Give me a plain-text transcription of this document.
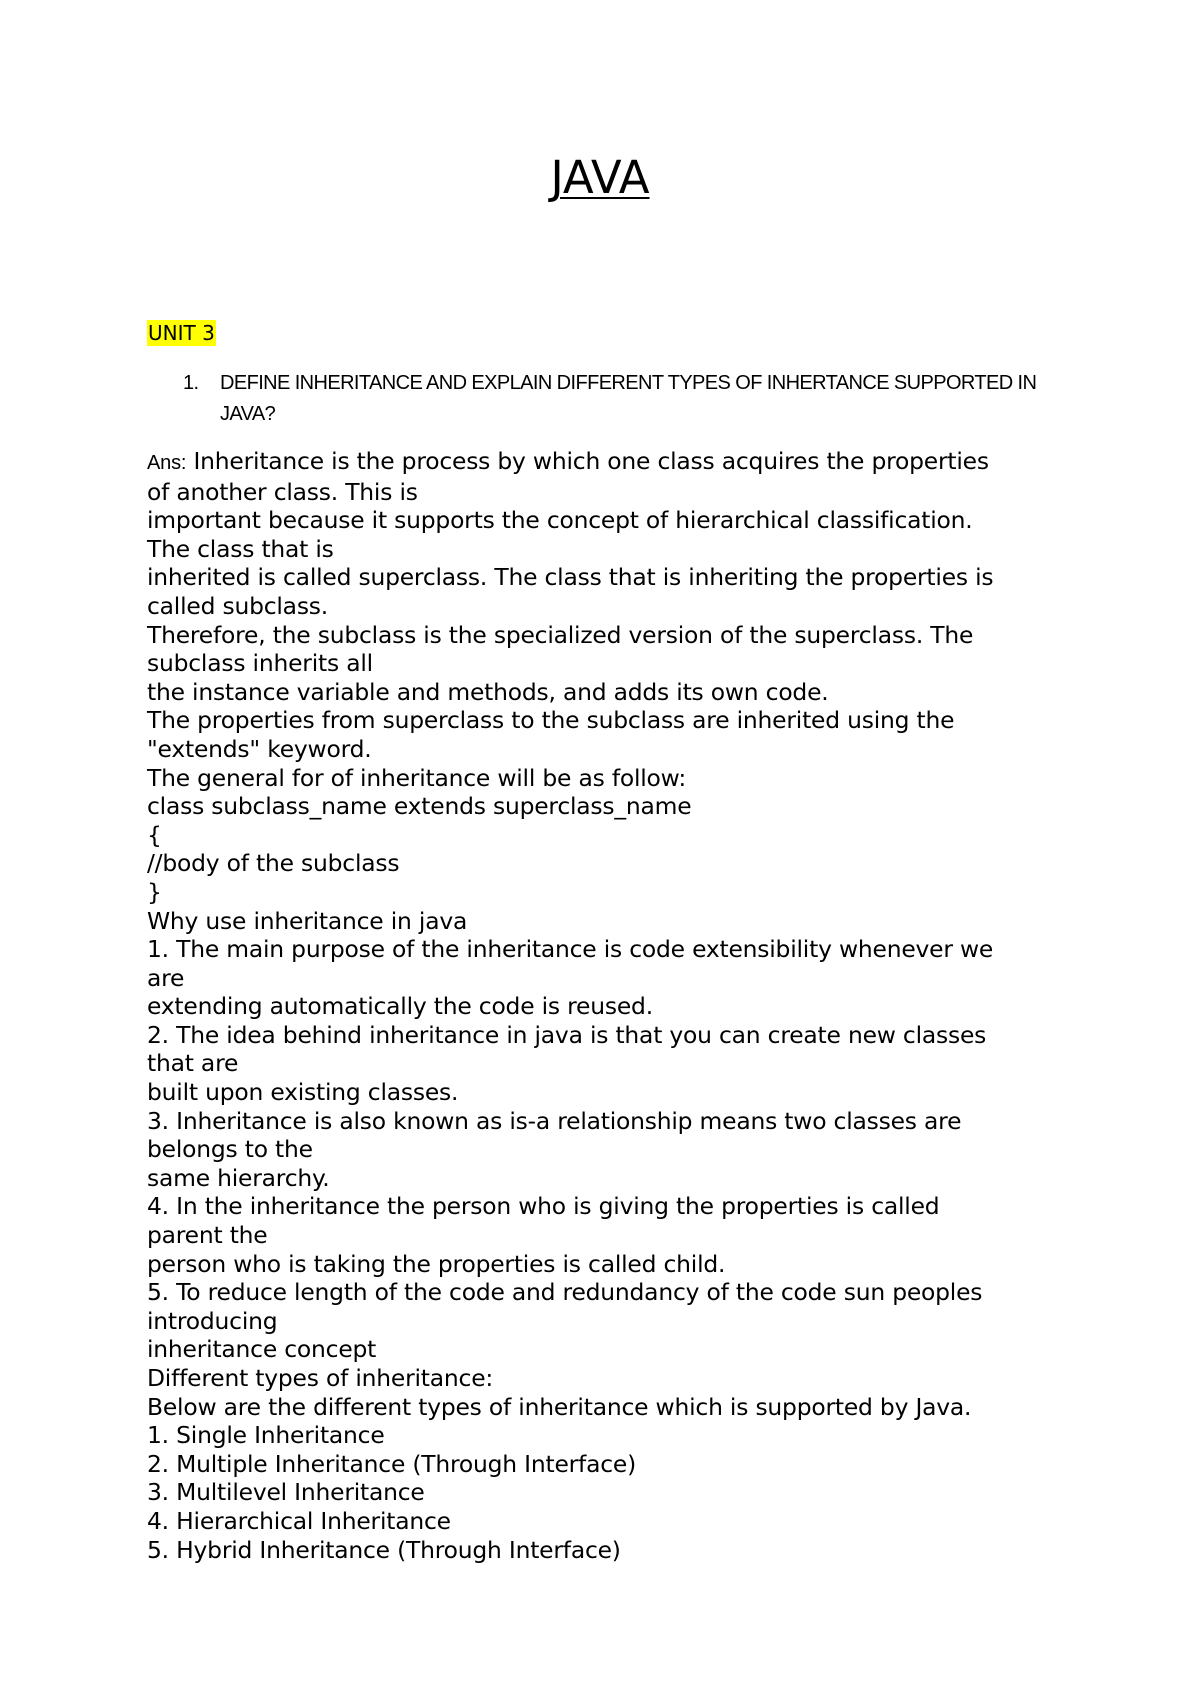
JAVA
UNIT 3
1. DEFINE INHERITANCE AND EXPLAIN DIFFERENT TYPES OF INHERTANCE SUPPORTED IN JAVA?
Ans: Inheritance is the process by which one class acquires the properties
of another class. This is
important because it supports the concept of hierarchical classification.
The class that is
inherited is called superclass. The class that is inheriting the properties is
called subclass.
Therefore, the subclass is the specialized version of the superclass. The
subclass inherits all
the instance variable and methods, and adds its own code.
The properties from superclass to the subclass are inherited using the
"extends" keyword.
The general for of inheritance will be as follow:
class subclass_name extends superclass_name
{
//body of the subclass
}
Why use inheritance in java
1. The main purpose of the inheritance is code extensibility whenever we
are
extending automatically the code is reused.
2. The idea behind inheritance in java is that you can create new classes
that are
built upon existing classes.
3. Inheritance is also known as is-a relationship means two classes are
belongs to the
same hierarchy.
4. In the inheritance the person who is giving the properties is called
parent the
person who is taking the properties is called child.
5. To reduce length of the code and redundancy of the code sun peoples
introducing
inheritance concept
Different types of inheritance:
Below are the different types of inheritance which is supported by Java.
1. Single Inheritance
2. Multiple Inheritance (Through Interface)
3. Multilevel Inheritance
4. Hierarchical Inheritance
5. Hybrid Inheritance (Through Interface)
